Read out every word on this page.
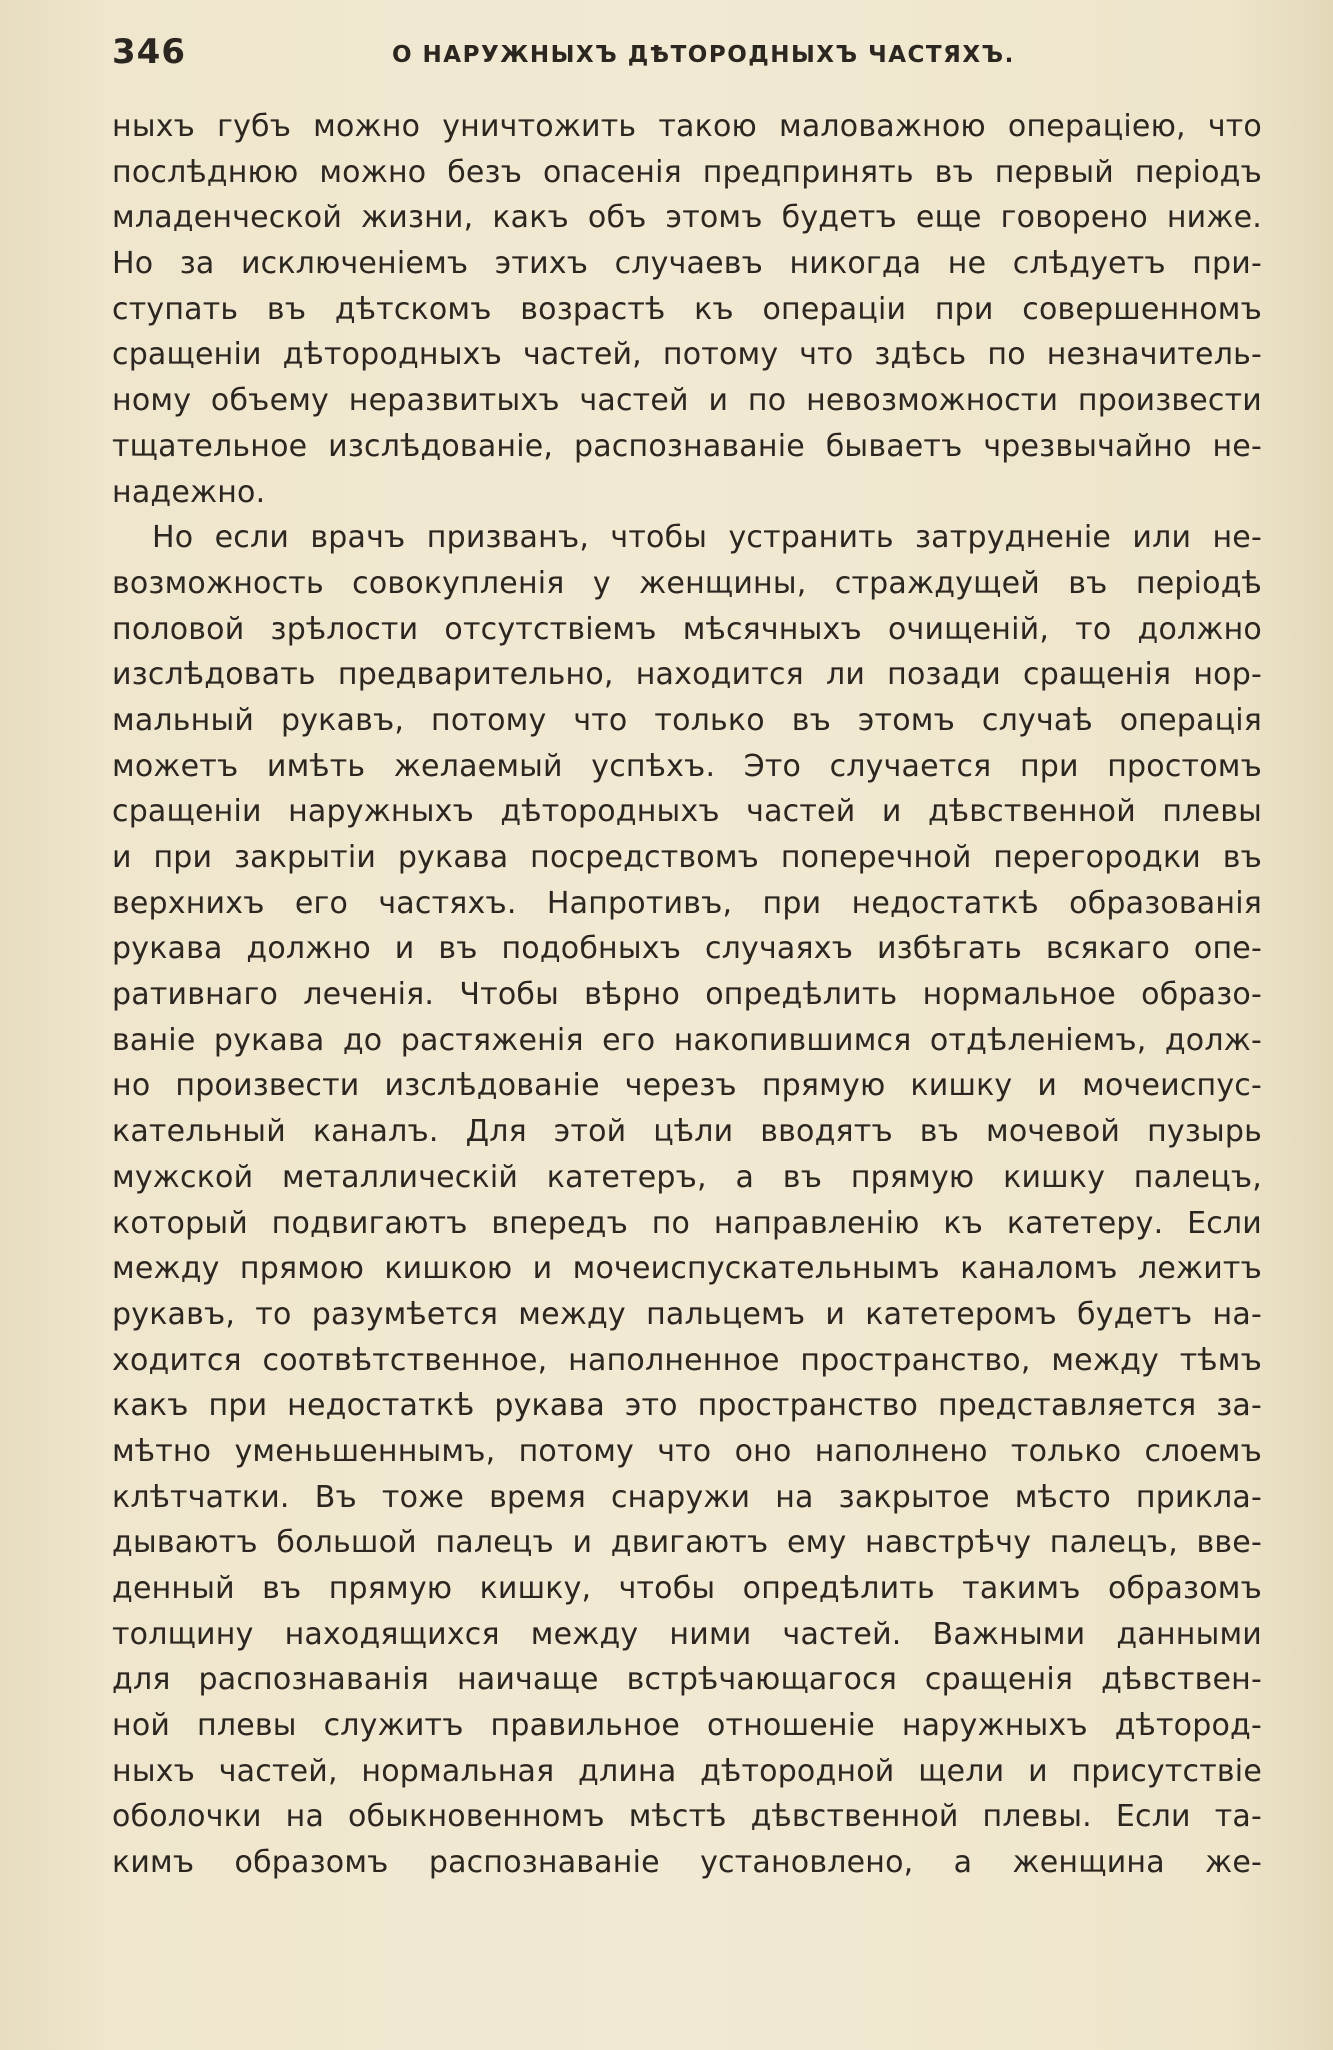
346	О НАРУЖНЫХЪ ДѢТОРОДНЫХЪ ЧАСТЯХЪ.
ныхъ губъ можно уничтожить такою маловажною операціею, что
послѣднюю можно безъ опасенія предпринять въ первый періодъ
младенческой жизни, какъ объ этомъ будетъ еще говорено ниже.
Но за исключеніемъ этихъ случаевъ никогда не слѣдуетъ при-
ступать въ дѣтскомъ возрастѣ къ операціи при совершенномъ
сращеніи дѣтородныхъ частей, потому что здѣсь по незначитель-
ному объему неразвитыхъ частей и по невозможности произвести
тщательное изслѣдованіе, распознаваніе бываетъ чрезвычайно не-
надежно.
Но если врачъ призванъ, чтобы устранить затрудненіе или не-
возможность совокупленія у женщины, страждущей въ періодѣ
половой зрѣлости отсутствіемъ мѣсячныхъ очищеній, то должно
изслѣдовать предварительно, находится ли позади сращенія нор-
мальный рукавъ, потому что только въ этомъ случаѣ операція
можетъ имѣть желаемый успѣхъ. Это случается при простомъ
сращеніи наружныхъ дѣтородныхъ частей и дѣвственной плевы
и при закрытіи рукава посредствомъ поперечной перегородки въ
верхнихъ его частяхъ. Напротивъ, при недостаткѣ образованія
рукава должно и въ подобныхъ случаяхъ избѣгать всякаго опе-
ративнаго леченія. Чтобы вѣрно опредѣлить нормальное образо-
ваніе рукава до растяженія его накопившимся отдѣленіемъ, долж-
но произвести изслѣдованіе черезъ прямую кишку и мочеиспус-
кательный каналъ. Для этой цѣли вводятъ въ мочевой пузырь
мужской металлическій катетеръ, а въ прямую кишку палецъ,
который подвигаютъ впередъ по направленію къ катетеру. Если
между прямою кишкою и мочеиспускательнымъ каналомъ лежитъ
рукавъ, то разумѣется между пальцемъ и катетеромъ будетъ на-
ходится соотвѣтственное, наполненное пространство, между тѣмъ
какъ при недостаткѣ рукава это пространство представляется за-
мѣтно уменьшеннымъ, потому что оно наполнено только слоемъ
клѣтчатки. Въ тоже время снаружи на закрытое мѣсто прикла-
дываютъ большой палецъ и двигаютъ ему навстрѣчу палецъ, вве-
денный въ прямую кишку, чтобы опредѣлить такимъ образомъ
толщину находящихся между ними частей. Важными данными
для распознаванія наичаще встрѣчающагося сращенія дѣвствен-
ной плевы служитъ правильное отношеніе наружныхъ дѣтород-
ныхъ частей, нормальная длина дѣтородной щели и присутствіе
оболочки на обыкновенномъ мѣстѣ дѣвственной плевы. Если та-
кимъ образомъ распознаваніе установлено, а женщина же-
